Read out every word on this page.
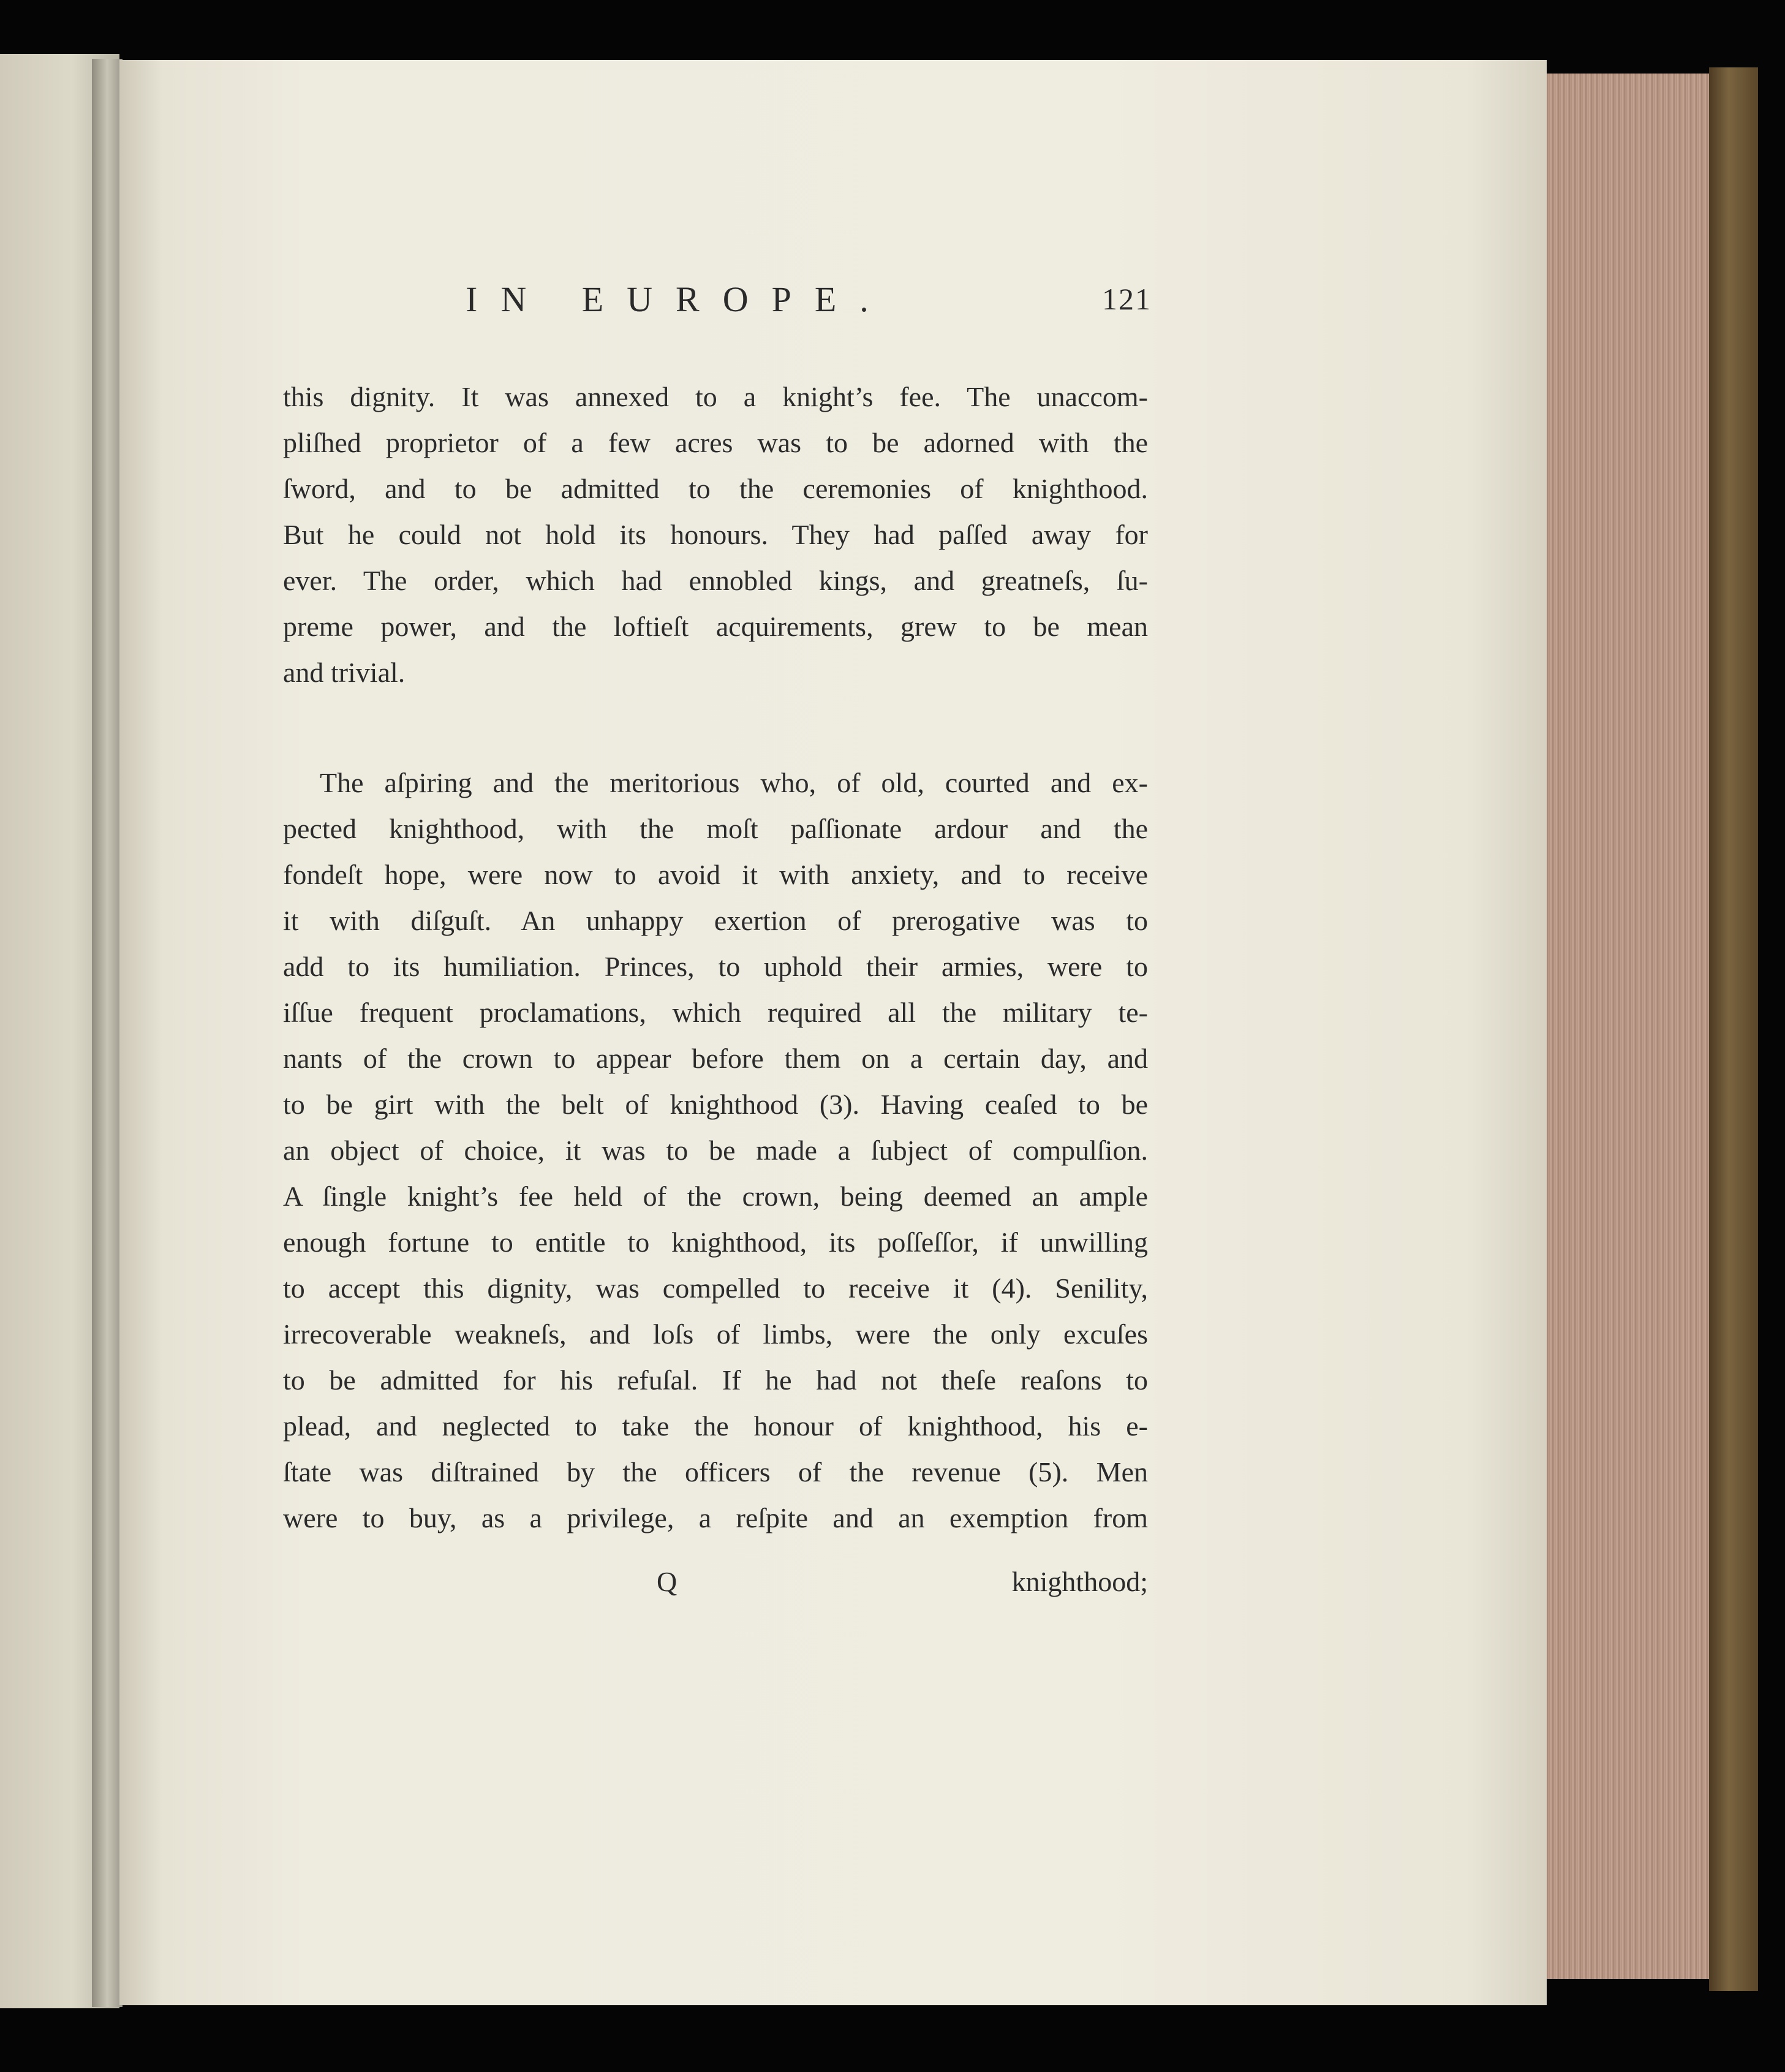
IN EUROPE.	121
this dignity. It was annexed to a knight’s fee. The unaccom-
pliſhed proprietor of a few acres was to be adorned with the
ſword, and to be admitted to the ceremonies of knighthood.
But he could not hold its honours. They had paſſed away for
ever. The order, which had ennobled kings, and greatneſs, ſu-
preme power, and the loftieſt acquirements, grew to be mean
and trivial.
The aſpiring and the meritorious who, of old, courted and ex-
pected knighthood, with the moſt paſſionate ardour and the
fondeſt hope, were now to avoid it with anxiety, and to receive
it with diſguſt. An unhappy exertion of prerogative was to
add to its humiliation. Princes, to uphold their armies, were to
iſſue frequent proclamations, which required all the military te-
nants of the crown to appear before them on a certain day, and
to be girt with the belt of knighthood (3). Having ceaſed to be
an object of choice, it was to be made a ſubject of compulſion.
A ſingle knight’s fee held of the crown, being deemed an ample
enough fortune to entitle to knighthood, its poſſeſſor, if unwilling
to accept this dignity, was compelled to receive it (4). Senility,
irrecoverable weakneſs, and loſs of limbs, were the only excuſes
to be admitted for his refuſal. If he had not theſe reaſons to
plead, and neglected to take the honour of knighthood, his e-
ſtate was diſtrained by the officers of the revenue (5). Men
were to buy, as a privilege, a reſpite and an exemption from
Q	knighthood;
